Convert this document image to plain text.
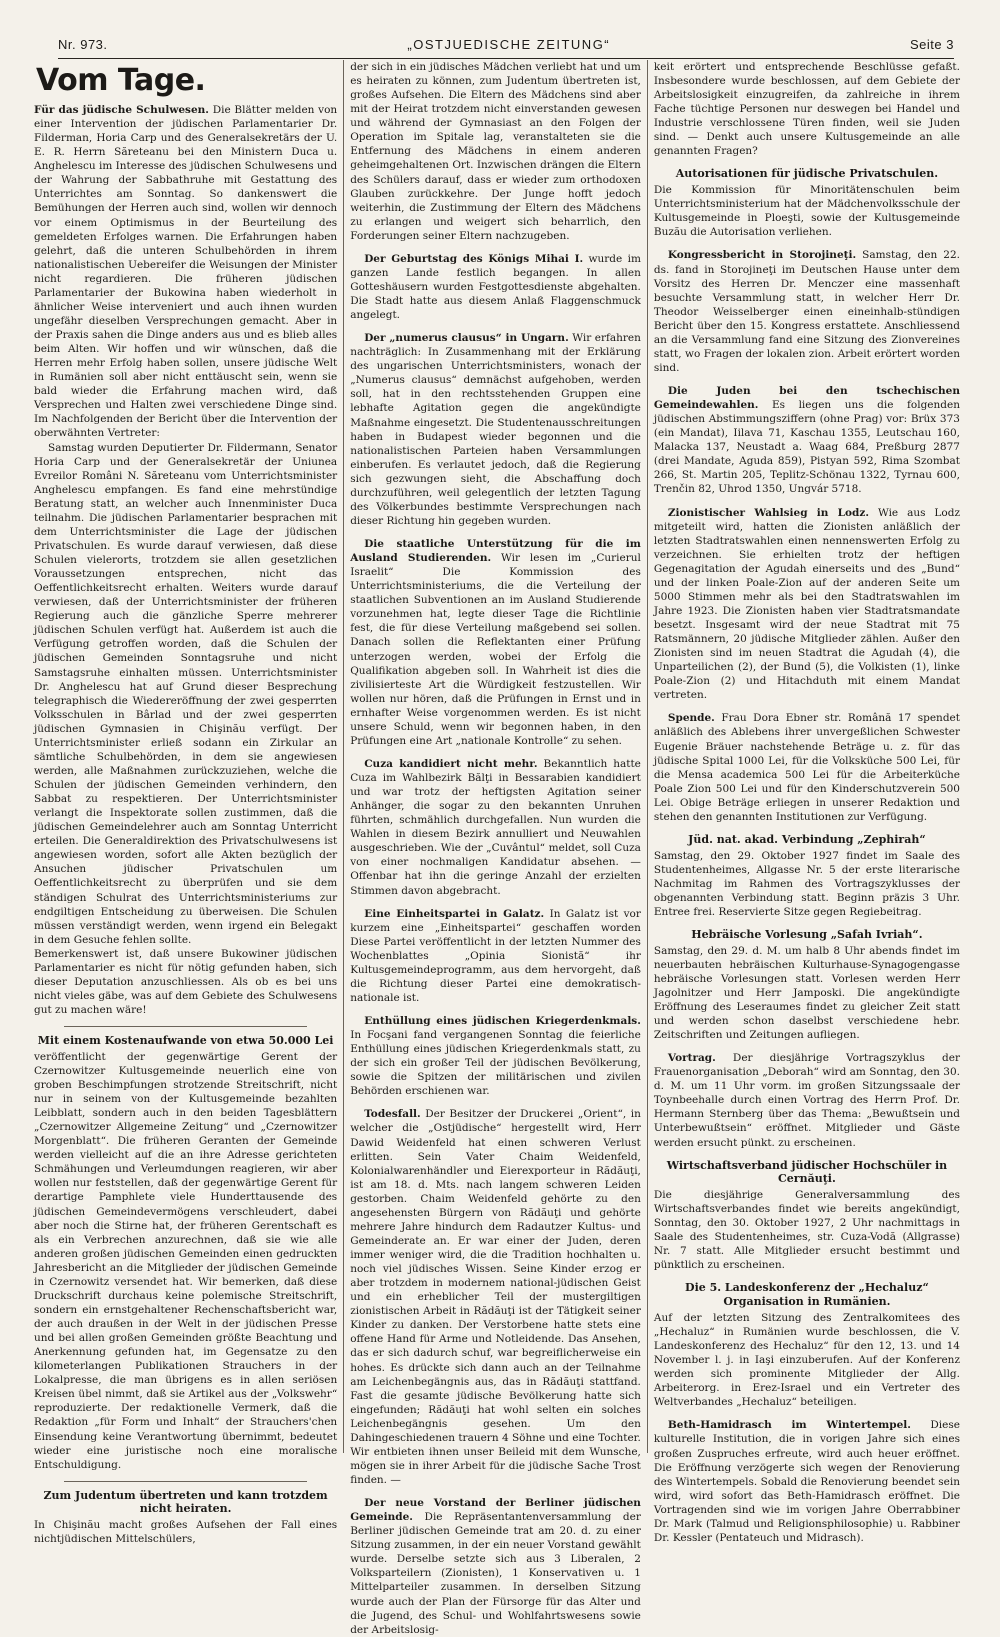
Nr. 973.	„OSTJUEDISCHE ZEITUNG“	Seite 3
Vom Tage.

Für das jüdische Schulwesen. Die Blätter melden von einer Intervention der jüdischen Parlamentarier Dr. Filderman, Horia Carp und des Generalsekretärs der U. E. R. Herrn Săreteanu bei den Ministern Duca u. Anghelescu im Interesse des jüdischen Schulwesens und der Wahrung der Sabbathruhe mit Gestattung des Unterrichtes am Sonntag. So dankenswert die Bemühungen der Herren auch sind, wollen wir dennoch vor einem Optimismus in der Beurteilung des gemeldeten Erfolges warnen. Die Erfahrungen haben gelehrt, daß die unteren Schulbehörden in ihrem nationalistischen Uebereifer die Weisungen der Minister nicht regardieren. Die früheren jüdischen Parlamentarier der Bukowina haben wiederholt in ähnlicher Weise interveniert und auch ihnen wurden ungefähr dieselben Versprechungen gemacht. Aber in der Praxis sahen die Dinge anders aus und es blieb alles beim Alten. Wir hoffen und wir wünschen, daß die Herren mehr Erfolg haben sollen, unsere jüdische Welt in Rumänien soll aber nicht enttäuscht sein, wenn sie bald wieder die Erfahrung machen wird, daß Versprechen und Halten zwei verschiedene Dinge sind. Im Nachfolgenden der Bericht über die Intervention der oberwähnten Vertreter:

Samstag wurden Deputierter Dr. Fildermann, Senator Horia Carp und der Generalsekretär der Uniunea Evreilor Români N. Săreteanu vom Unterrichtsminister Anghelescu empfangen. Es fand eine mehrstündige Beratung statt, an welcher auch Innenminister Duca teilnahm. Die jüdischen Parlamentarier besprachen mit dem Unterrichtsminister die Lage der jüdischen Privatschulen. Es wurde darauf verwiesen, daß diese Schulen vielerorts, trotzdem sie allen gesetzlichen Voraussetzungen entsprechen, nicht das Oeffentlichkeitsrecht erhalten. Weiters wurde darauf verwiesen, daß der Unterrichtsminister der früheren Regierung auch die gänzliche Sperre mehrerer jüdischen Schulen verfügt hat. Außerdem ist auch die Verfügung getroffen worden, daß die Schulen der jüdischen Gemeinden Sonntagsruhe und nicht Samstagsruhe einhalten müssen. Unterrichtsminister Dr. Anghelescu hat auf Grund dieser Besprechung telegraphisch die Wiedereröffnung der zwei gesperrten Volksschulen in Bârlad und der zwei gesperrten jüdischen Gymnasien in Chişinău verfügt. Der Unterrichtsminister erließ sodann ein Zirkular an sämtliche Schulbehörden, in dem sie angewiesen werden, alle Maßnahmen zurückzuziehen, welche die Schulen der jüdischen Gemeinden verhindern, den Sabbat zu respektieren. Der Unterrichtsminister verlangt die Inspektorate sollen zustimmen, daß die jüdischen Gemeindelehrer auch am Sonntag Unterricht erteilen. Die Generaldirektion des Privatschulwesens ist angewiesen worden, sofort alle Akten bezüglich der Ansuchen jüdischer Privatschulen um Oeffentlichkeitsrecht zu überprüfen und sie dem ständigen Schulrat des Unterrichtsministeriums zur endgiltigen Entscheidung zu überweisen. Die Schulen müssen verständigt werden, wenn irgend ein Belegakt in dem Gesuche fehlen sollte.

Bemerkenswert ist, daß unsere Bukowiner jüdischen Parlamentarier es nicht für nötig gefunden haben, sich dieser Deputation anzuschliessen. Als ob es bei uns nicht vieles gäbe, was auf dem Gebiete des Schulwesens gut zu machen wäre!

Mit einem Kostenaufwande von etwa 50.000 Lei

veröffentlicht der gegenwärtige Gerent der Czernowitzer Kultusgemeinde neuerlich eine von groben Beschimpfungen strotzende Streitschrift, nicht nur in seinem von der Kultusgemeinde bezahlten Leibblatt, sondern auch in den beiden Tagesblättern „Czernowitzer Allgemeine Zeitung“ und „Czernowitzer Morgenblatt“. Die früheren Geranten der Gemeinde werden vielleicht auf die an ihre Adresse gerichteten Schmähungen und Verleumdungen reagieren, wir aber wollen nur feststellen, daß der gegenwärtige Gerent für derartige Pamphlete viele Hunderttausende des jüdischen Gemeindevermögens verschleudert, dabei aber noch die Stirne hat, der früheren Gerentschaft es als ein Verbrechen anzurechnen, daß sie wie alle anderen großen jüdischen Gemeinden einen gedruckten Jahresbericht an die Mitglieder der jüdischen Gemeinde in Czernowitz versendet hat. Wir bemerken, daß diese Druckschrift durchaus keine polemische Streitschrift, sondern ein ernstgehaltener Rechenschaftsbericht war, der auch draußen in der Welt in der jüdischen Presse und bei allen großen Gemeinden größte Beachtung und Anerkennung gefunden hat, im Gegensatze zu den kilometerlangen Publikationen Strauchers in der Lokalpresse, die man übrigens es in allen seriösen Kreisen übel nimmt, daß sie Artikel aus der „Volkswehr“ reproduzierte. Der redaktionelle Vermerk, daß die Redaktion „für Form und Inhalt“ der Strauchers'chen Einsendung keine Verantwortung übernimmt, bedeutet wieder eine juristische noch eine moralische Entschuldigung.

Zum Judentum übertreten und kann trotzdem nicht heiraten.

In Chişinău macht großes Aufsehen der Fall eines nichtjüdischen Mittelschülers,

der sich in ein jüdisches Mädchen verliebt hat und um es heiraten zu können, zum Judentum übertreten ist, großes Aufsehen. Die Eltern des Mädchens sind aber mit der Heirat trotzdem nicht einverstanden gewesen und während der Gymnasiast an den Folgen der Operation im Spitale lag, veranstalteten sie die Entfernung des Mädchens in einem anderen geheimgehaltenen Ort. Inzwischen drängen die Eltern des Schülers darauf, dass er wieder zum orthodoxen Glauben zurückkehre. Der Junge hofft jedoch weiterhin, die Zustimmung der Eltern des Mädchens zu erlangen und weigert sich beharrlich, den Forderungen seiner Eltern nachzugeben.

Der Geburtstag des Königs Mihai I. wurde im ganzen Lande festlich begangen. In allen Gotteshäusern wurden Festgottesdienste abgehalten. Die Stadt hatte aus diesem Anlaß Flaggenschmuck angelegt.

Der „numerus clausus“ in Ungarn. Wir erfahren nachträglich: In Zusammenhang mit der Erklärung des ungarischen Unterrichtsministers, wonach der „Numerus clausus“ demnächst aufgehoben, werden soll, hat in den rechtsstehenden Gruppen eine lebhafte Agitation gegen die angekündigte Maßnahme eingesetzt. Die Studentenausschreitungen haben in Budapest wieder begonnen und die nationalistischen Parteien haben Versammlungen einberufen. Es verlautet jedoch, daß die Regierung sich gezwungen sieht, die Abschaffung doch durchzuführen, weil gelegentlich der letzten Tagung des Völkerbundes bestimmte Versprechungen nach dieser Richtung hin gegeben wurden.

Die staatliche Unterstützung für die im Ausland Studierenden. Wir lesen im „Curierul Israelit“ Die Kommission des Unterrichtsministeriums, die die Verteilung der staatlichen Subventionen an im Ausland Studierende vorzunehmen hat, legte dieser Tage die Richtlinie fest, die für diese Verteilung maßgebend sei sollen. Danach sollen die Reflektanten einer Prüfung unterzogen werden, wobei der Erfolg die Qualifikation abgeben soll. In Wahrheit ist dies die zivilisierteste Art die Würdigkeit festzustellen. Wir wollen nur hören, daß die Prüfungen in Ernst und in ernhafter Weise vorgenommen werden. Es ist nicht unsere Schuld, wenn wir begonnen haben, in den Prüfungen eine Art „nationale Kontrolle“ zu sehen.

Cuza kandidiert nicht mehr. Bekanntlich hatte Cuza im Wahlbezirk Bălţi in Bessarabien kandidiert und war trotz der heftigsten Agitation seiner Anhänger, die sogar zu den bekannten Unruhen führten, schmählich durchgefallen. Nun wurden die Wahlen in diesem Bezirk annulliert und Neuwahlen ausgeschrieben. Wie der „Cuvântul“ meldet, soll Cuza von einer nochmaligen Kandidatur absehen. — Offenbar hat ihn die geringe Anzahl der erzielten Stimmen davon abgebracht.

Eine Einheitspartei in Galatz. In Galatz ist vor kurzem eine „Einheitspartei“ geschaffen worden Diese Partei veröffentlicht in der letzten Nummer des Wochenblattes „Opinia Sionistă“ ihr Kultusgemeindeprogramm, aus dem hervorgeht, daß die Richtung dieser Partei eine demokratisch-nationale ist.

Enthüllung eines jüdischen Kriegerdenkmals. In Focşani fand vergangenen Sonntag die feierliche Enthüllung eines jüdischen Kriegerdenkmals statt, zu der sich ein großer Teil der jüdischen Bevölkerung, sowie die Spitzen der militärischen und zivilen Behörden erschienen war.

Todesfall. Der Besitzer der Druckerei „Orient“, in welcher die „Ostjüdische“ hergestellt wird, Herr Dawid Weidenfeld hat einen schweren Verlust erlitten. Sein Vater Chaim Weidenfeld, Kolonialwarenhändler und Eierexporteur in Rădăuţi, ist am 18. d. Mts. nach langem schweren Leiden gestorben. Chaim Weidenfeld gehörte zu den angesehensten Bürgern von Rădăuţi und gehörte mehrere Jahre hindurch dem Radautzer Kultus- und Gemeinderate an. Er war einer der Juden, deren immer weniger wird, die die Tradition hochhalten u. noch viel jüdisches Wissen. Seine Kinder erzog er aber trotzdem in modernem national-jüdischen Geist und ein erheblicher Teil der mustergiltigen zionistischen Arbeit in Rădăuţi ist der Tätigkeit seiner Kinder zu danken. Der Verstorbene hatte stets eine offene Hand für Arme und Notleidende. Das Ansehen, das er sich dadurch schuf, war begreiflicherweise ein hohes. Es drückte sich dann auch an der Teilnahme am Leichenbegängnis aus, das in Rădăuţi stattfand. Fast die gesamte jüdische Bevölkerung hatte sich eingefunden; Rădăuţi hat wohl selten ein solches Leichenbegängnis gesehen. Um den Dahingeschiedenen trauern 4 Söhne und eine Tochter. Wir entbieten ihnen unser Beileid mit dem Wunsche, mögen sie in ihrer Arbeit für die jüdische Sache Trost finden. —

Der neue Vorstand der Berliner jüdischen Gemeinde. Die Repräsentantenversammlung der Berliner jüdischen Gemeinde trat am 20. d. zu einer Sitzung zusammen, in der ein neuer Vorstand gewählt wurde. Derselbe setzte sich aus 3 Liberalen, 2 Volksparteilern (Zionisten), 1 Konservativen u. 1 Mittelparteiler zusammen. In derselben Sitzung wurde auch der Plan der Fürsorge für das Alter und die Jugend, des Schul- und Wohlfahrtswesens sowie der Arbeitslosig-

keit erörtert und entsprechende Beschlüsse gefaßt. Insbesondere wurde beschlossen, auf dem Gebiete der Arbeitslosigkeit einzugreifen, da zahlreiche in ihrem Fache tüchtige Personen nur deswegen bei Handel und Industrie verschlossene Türen finden, weil sie Juden sind. — Denkt auch unsere Kultusgemeinde an alle genannten Fragen?

Autorisationen für jüdische Privatschulen.

Die Kommission für Minoritätenschulen beim Unterrichtsministerium hat der Mädchenvolksschule der Kultusgemeinde in Ploeşti, sowie der Kultusgemeinde Buzău die Autorisation verliehen.

Kongressbericht in Storojineţi. Samstag, den 22. ds. fand in Storojineţi im Deutschen Hause unter dem Vorsitz des Herren Dr. Menczer eine massenhaft besuchte Versammlung statt, in welcher Herr Dr. Theodor Weisselberger einen eineinhalb-stündigen Bericht über den 15. Kongress erstattete. Anschliessend an die Versammlung fand eine Sitzung des Zionvereines statt, wo Fragen der lokalen zion. Arbeit erörtert worden sind.

Die Juden bei den tschechischen Gemeindewahlen. Es liegen uns die folgenden jüdischen Abstimmungsziffern (ohne Prag) vor: Brüx 373 (ein Mandat), Iilava 71, Kaschau 1355, Leutschau 160, Malacka 137, Neustadt a. Waag 684, Preßburg 2877 (drei Mandate, Aguda 859), Pistyan 592, Rima Szombat 266, St. Martin 205, Teplitz-Schönau 1322, Tyrnau 600, Trenčin 82, Uhrod 1350, Ungvár 5718.

Zionistischer Wahlsieg in Lodz. Wie aus Lodz mitgeteilt wird, hatten die Zionisten anläßlich der letzten Stadtratswahlen einen nennenswerten Erfolg zu verzeichnen. Sie erhielten trotz der heftigen Gegenagitation der Agudah einerseits und des „Bund“ und der linken Poale-Zion auf der anderen Seite um 5000 Stimmen mehr als bei den Stadtratswahlen im Jahre 1923. Die Zionisten haben vier Stadtratsmandate besetzt. Insgesamt wird der neue Stadtrat mit 75 Ratsmännern, 20 jüdische Mitglieder zählen. Außer den Zionisten sind im neuen Stadtrat die Agudah (4), die Unparteilichen (2), der Bund (5), die Volkisten (1), linke Poale-Zion (2) und Hitachduth mit einem Mandat vertreten.

Spende. Frau Dora Ebner str. Română 17 spendet anläßlich des Ablebens ihrer unvergeßlichen Schwester Eugenie Bräuer nachstehende Beträge u. z. für das jüdische Spital 1000 Lei, für die Volksküche 500 Lei, für die Mensa academica 500 Lei für die Arbeiterküche Poale Zion 500 Lei und für den Kinderschutzverein 500 Lei. Obige Beträge erliegen in unserer Redaktion und stehen den genannten Institutionen zur Verfügung.

Jüd. nat. akad. Verbindung „Zephirah“

Samstag, den 29. Oktober 1927 findet im Saale des Studentenheimes, Allgasse Nr. 5 der erste literarische Nachmitag im Rahmen des Vortragszyklusses der obgenannten Verbindung statt. Beginn präzis 3 Uhr. Entree frei. Reservierte Sitze gegen Regiebeitrag.

Hebräische Vorlesung „Safah Ivriah“.

Samstag, den 29. d. M. um halb 8 Uhr abends findet im neuerbauten hebräischen Kulturhause-Synagogengasse hebräische Vorlesungen statt. Vorlesen werden Herr Jagolnitzer und Herr Jamposki. Die angekündigte Eröffnung des Leseraumes findet zu gleicher Zeit statt und werden schon daselbst verschiedene hebr. Zeitschriften und Zeitungen aufliegen.

Vortrag. Der diesjährige Vortragszyklus der Frauenorganisation „Deborah“ wird am Sonntag, den 30. d. M. um 11 Uhr vorm. im großen Sitzungssaale der Toynbeehalle durch einen Vortrag des Herrn Prof. Dr. Hermann Sternberg über das Thema: „Bewußtsein und Unterbewußtsein“ eröffnet. Mitglieder und Gäste werden ersucht pünkt. zu erscheinen.

Wirtschaftsverband jüdischer Hochschüler in Cernăuţi.

Die diesjährige Generalversammlung des Wirtschaftsverbandes findet wie bereits angekündigt, Sonntag, den 30. Oktober 1927, 2 Uhr nachmittags in Saale des Studentenheimes, str. Cuza-Vodă (Allgrasse) Nr. 7 statt. Alle Mitglieder ersucht bestimmt und pünktlich zu erscheinen.

Die 5. Landeskonferenz der „Hechaluz“ Organisation in Rumänien.

Auf der letzten Sitzung des Zentralkomitees des „Hechaluz“ in Rumänien wurde beschlossen, die V. Landeskonferenz des Hechaluz“ für den 12, 13. und 14 November l. j. in Iaşi einzuberufen. Auf der Konferenz werden sich prominente Mitglieder der Allg. Arbeiterorg. in Erez-Israel und ein Vertreter des Weltverbandes „Hechaluz“ beteiligen.

Beth-Hamidrasch im Wintertempel. Diese kulturelle Institution, die in vorigen Jahre sich eines großen Zuspruches erfreute, wird auch heuer eröffnet. Die Eröffnung verzögerte sich wegen der Renovierung des Wintertempels. Sobald die Renovierung beendet sein wird, wird sofort das Beth-Hamidrasch eröffnet. Die Vortragenden sind wie im vorigen Jahre Oberrabbiner Dr. Mark (Talmud und Religionsphilosophie) u. Rabbiner Dr. Kessler (Pentateuch und Midrasch).
